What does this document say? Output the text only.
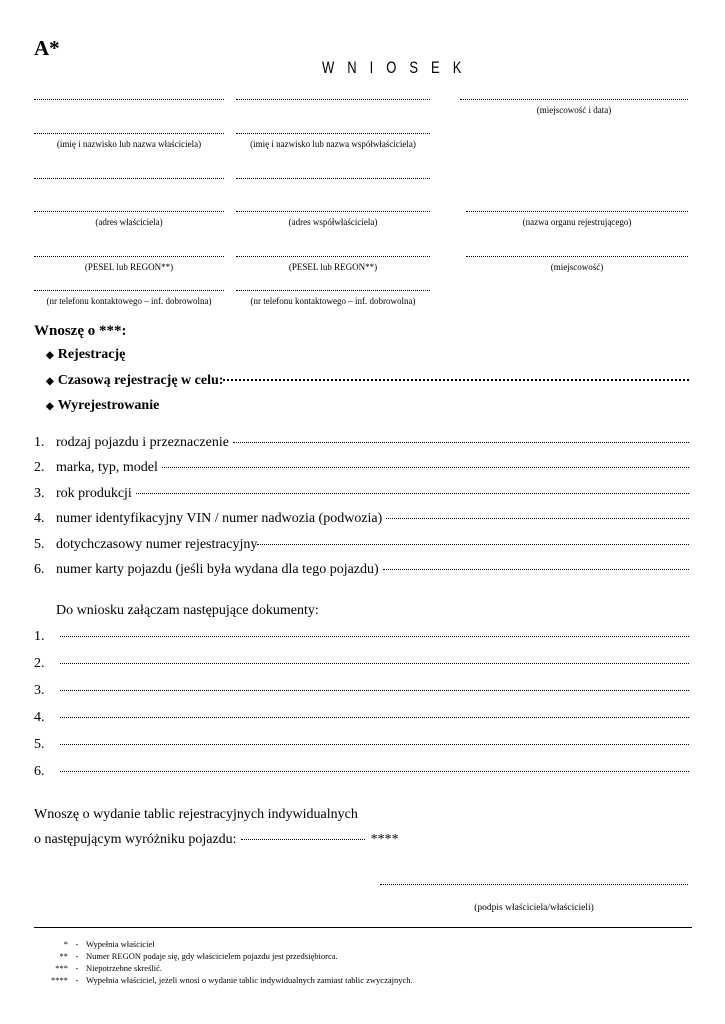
A*
WNIOSEK
(miejscowość i data)
(imię i nazwisko lub nazwa właściciela)	(imię i nazwisko lub nazwa współwłaściciela)
(adres właściciela)	(adres współwłaściciela)	(nazwa organu rejestrującego)
(PESEL lub REGON**)	(PESEL lub REGON**)	(miejscowość)
(nr telefonu kontaktowego – inf. dobrowolna)	(nr telefonu kontaktowego – inf. dobrowolna)
Wnoszę o ***:
◆ Rejestrację
◆ Czasową rejestrację w celu:
◆ Wyrejestrowanie
1. rodzaj pojazdu i przeznaczenie
2. marka, typ, model
3. rok produkcji
4. numer identyfikacyjny VIN / numer nadwozia (podwozia)
5. dotychczasowy numer rejestracyjny
6. numer karty pojazdu (jeśli była wydana dla tego pojazdu)
Do wniosku załączam następujące dokumenty:
1.
2.
3.
4.
5.
6.
Wnoszę o wydanie tablic rejestracyjnych indywidualnych
o następującym wyróżniku pojazdu:	****
(podpis właściciela/właścicieli)
* - Wypełnia właściciel
** - Numer REGON podaje się, gdy właścicielem pojazdu jest przedsiębiorca.
*** - Niepotrzebne skreślić.
**** - Wypełnia właściciel, jeżeli wnosi o wydanie tablic indywidualnych zamiast tablic zwyczajnych.
